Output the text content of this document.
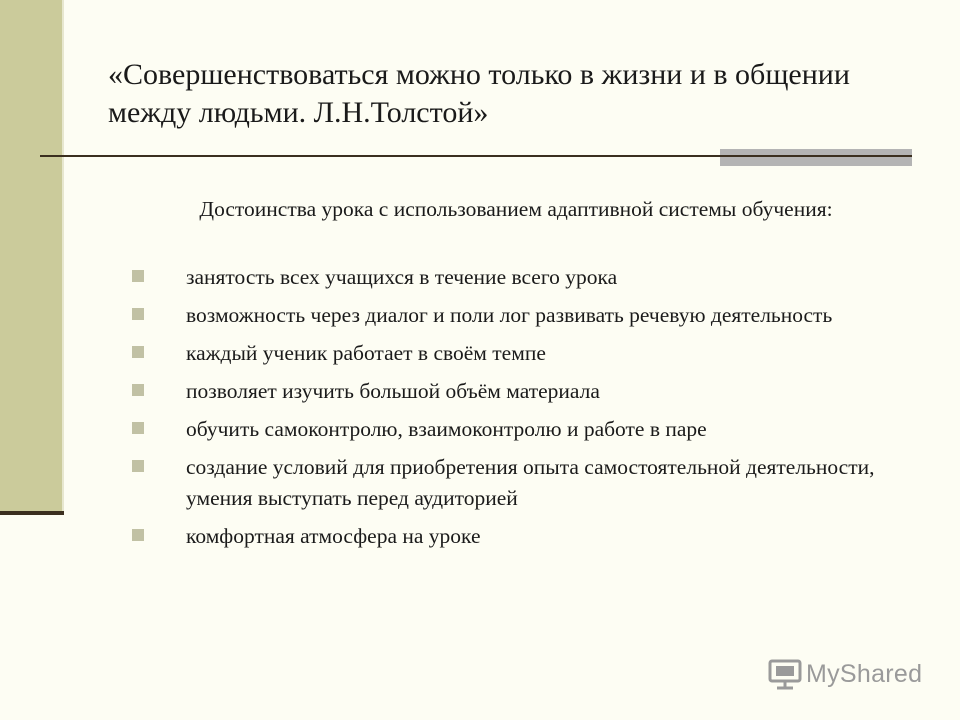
«Совершенствоваться можно только в жизни и в общении между людьми. Л.Н.Толстой»
Достоинства урока с использованием адаптивной системы обучения:
занятость всех учащихся в течение всего урока
возможность через диалог и поли лог развивать речевую деятельность
каждый ученик работает в своём темпе
позволяет изучить большой объём материала
обучить самоконтролю, взаимоконтролю и работе в паре
создание условий для приобретения опыта самостоятельной деятельности, умения выступать перед аудиторией
комфортная атмосфера на уроке
MyShared
